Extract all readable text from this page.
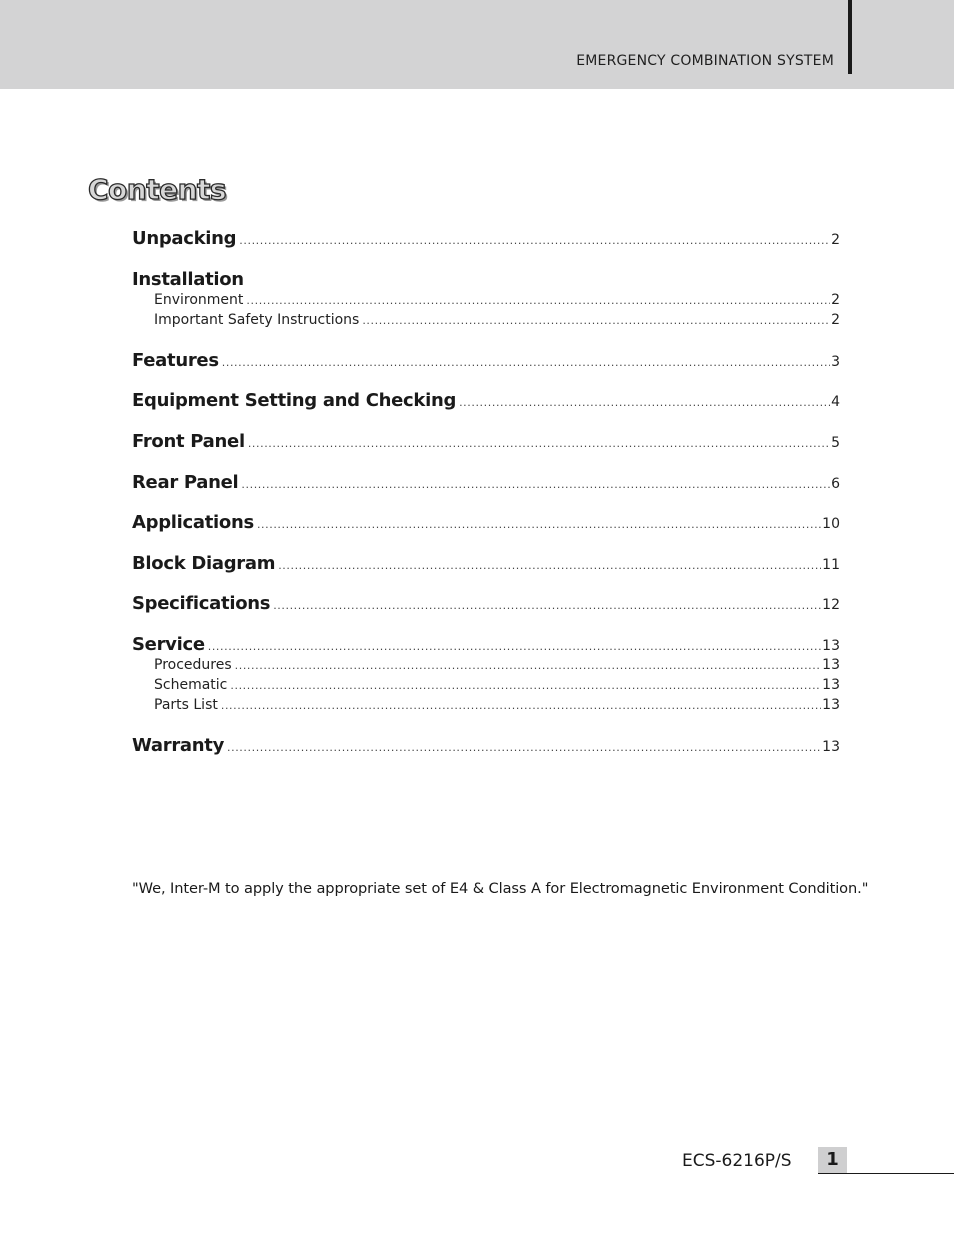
EMERGENCY COMBINATION SYSTEM
Contents
Unpacking .....	2
Installation
Environment .....	2
Important Safety Instructions .....	2
Features .....	3
Equipment Setting and Checking .....	4
Front Panel .....	5
Rear Panel .....	6
Applications .....	10
Block Diagram .....	11
Specifications .....	12
Service .....	13
Procedures .....	13
Schematic .....	13
Parts List .....	13
Warranty .....	13
"We, Inter-M to apply the appropriate set of E4 & Class A for Electromagnetic Environment Condition."
ECS-6216P/S	1
